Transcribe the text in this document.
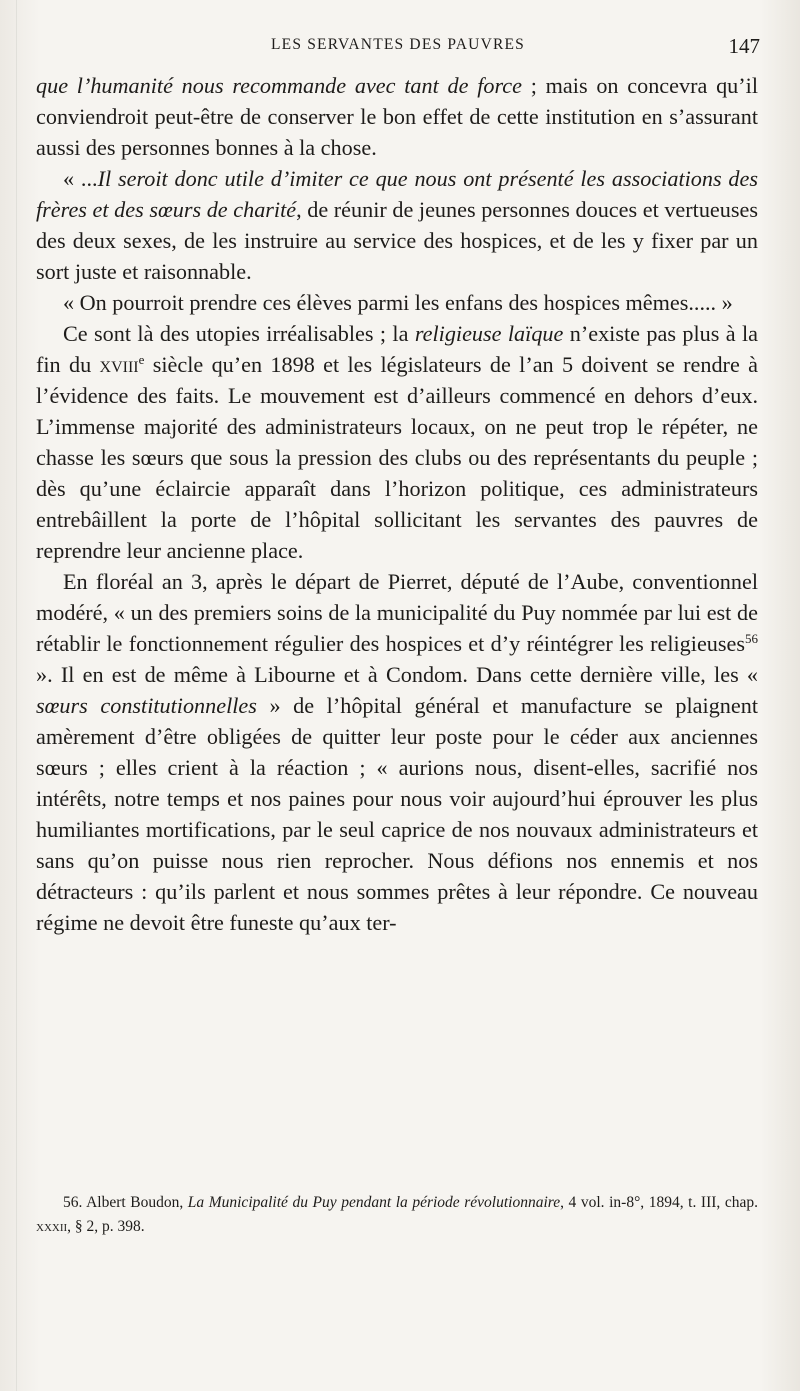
LES SERVANTES DES PAUVRES	147

que l’humanité nous recommande avec tant de force ; mais on concevra qu’il conviendroit peut-être de conserver le bon effet de cette institution en s’assurant aussi des personnes bonnes à la chose.

« ...Il seroit donc utile d’imiter ce que nous ont présenté les associations des frères et des sœurs de charité, de réunir de jeunes personnes douces et vertueuses des deux sexes, de les instruire au service des hospices, et de les y fixer par un sort juste et raisonnable.

« On pourroit prendre ces élèves parmi les enfans des hospices mêmes..... »

Ce sont là des utopies irréalisables ; la religieuse laïque n’existe pas plus à la fin du xviii$^e$ siècle qu’en 1898 et les législateurs de l’an 5 doivent se rendre à l’évidence des faits. Le mouvement est d’ailleurs commencé en dehors d’eux. L’immense majorité des administrateurs locaux, on ne peut trop le répéter, ne chasse les sœurs que sous la pression des clubs ou des représentants du peuple ; dès qu’une éclaircie apparaît dans l’horizon politique, ces administrateurs entrebâillent la porte de l’hôpital sollicitant les servantes des pauvres de reprendre leur ancienne place.

En floréal an 3, après le départ de Pierret, député de l’Aube, conventionnel modéré, « un des premiers soins de la municipalité du Puy nommée par lui est de rétablir le fonctionnement régulier des hospices et d’y réintégrer les religieuses$^{56}$ ». Il en est de même à Libourne et à Condom. Dans cette dernière ville, les « sœurs constitutionnelles » de l’hôpital général et manufacture se plaignent amèrement d’être obligées de quitter leur poste pour le céder aux anciennes sœurs ; elles crient à la réaction ; « aurions nous, disent-elles, sacrifié nos intérêts, notre temps et nos paines pour nous voir aujourd’hui éprouver les plus humiliantes mortifications, par le seul caprice de nos nouvaux administrateurs et sans qu’on puisse nous rien reprocher. Nous défions nos ennemis et nos détracteurs : qu’ils parlent et nous sommes prêtes à leur répondre. Ce nouveau régime ne devoit être funeste qu’aux ter-

56. Albert Boudon, La Municipalité du Puy pendant la période révolutionnaire, 4 vol. in-8°, 1894, t. III, chap. xxxii, § 2, p. 398.
